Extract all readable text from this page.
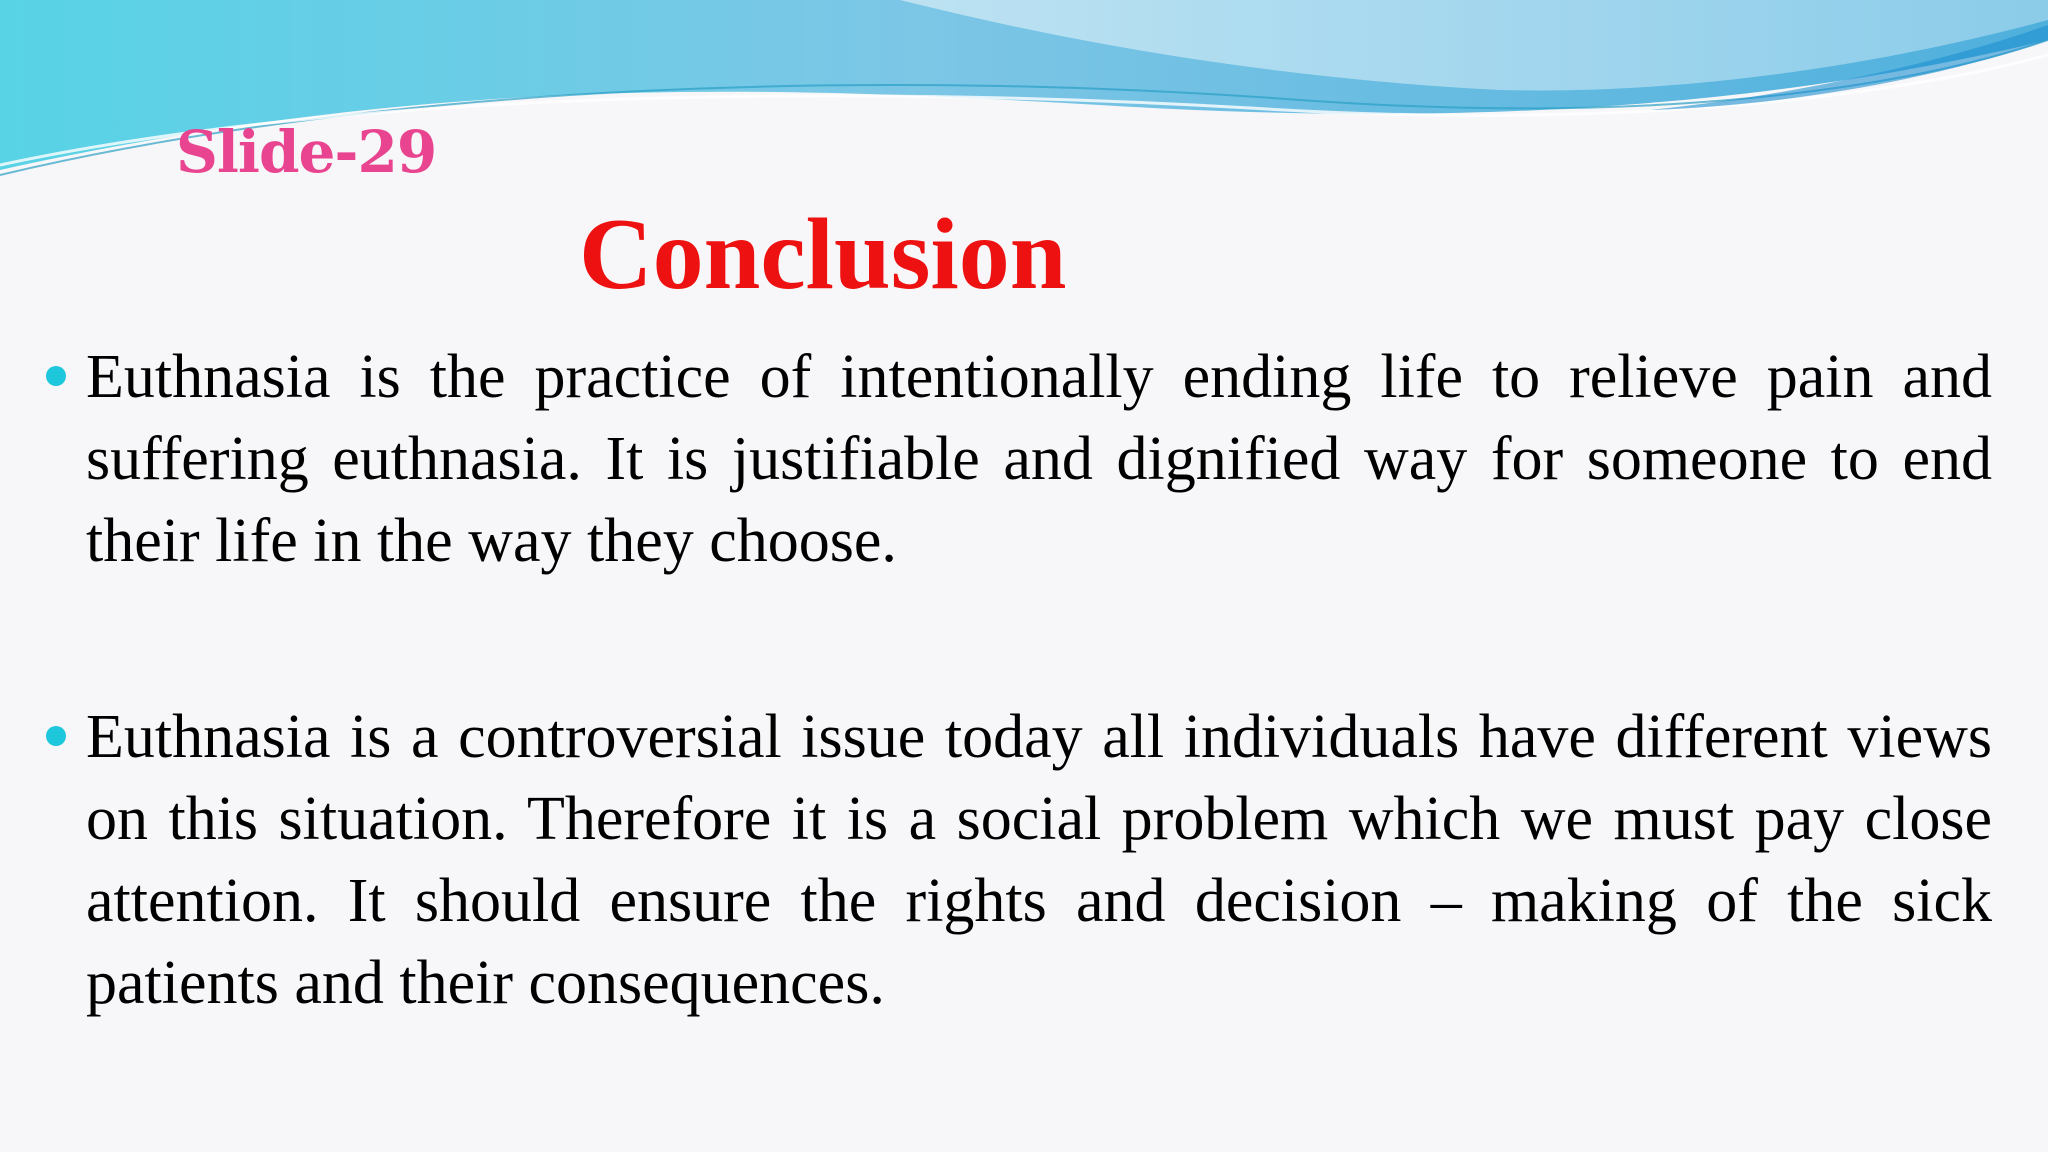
Slide-29
Conclusion
Euthnasia is the practice of intentionally ending life to relieve pain and suffering euthnasia. It is justifiable and dignified way for someone to end their life in the way they choose.
Euthnasia is a controversial issue today all individuals have different views on this situation. Therefore it is a social problem which we must pay close attention. It should ensure the rights and decision – making of the sick patients and their consequences.
